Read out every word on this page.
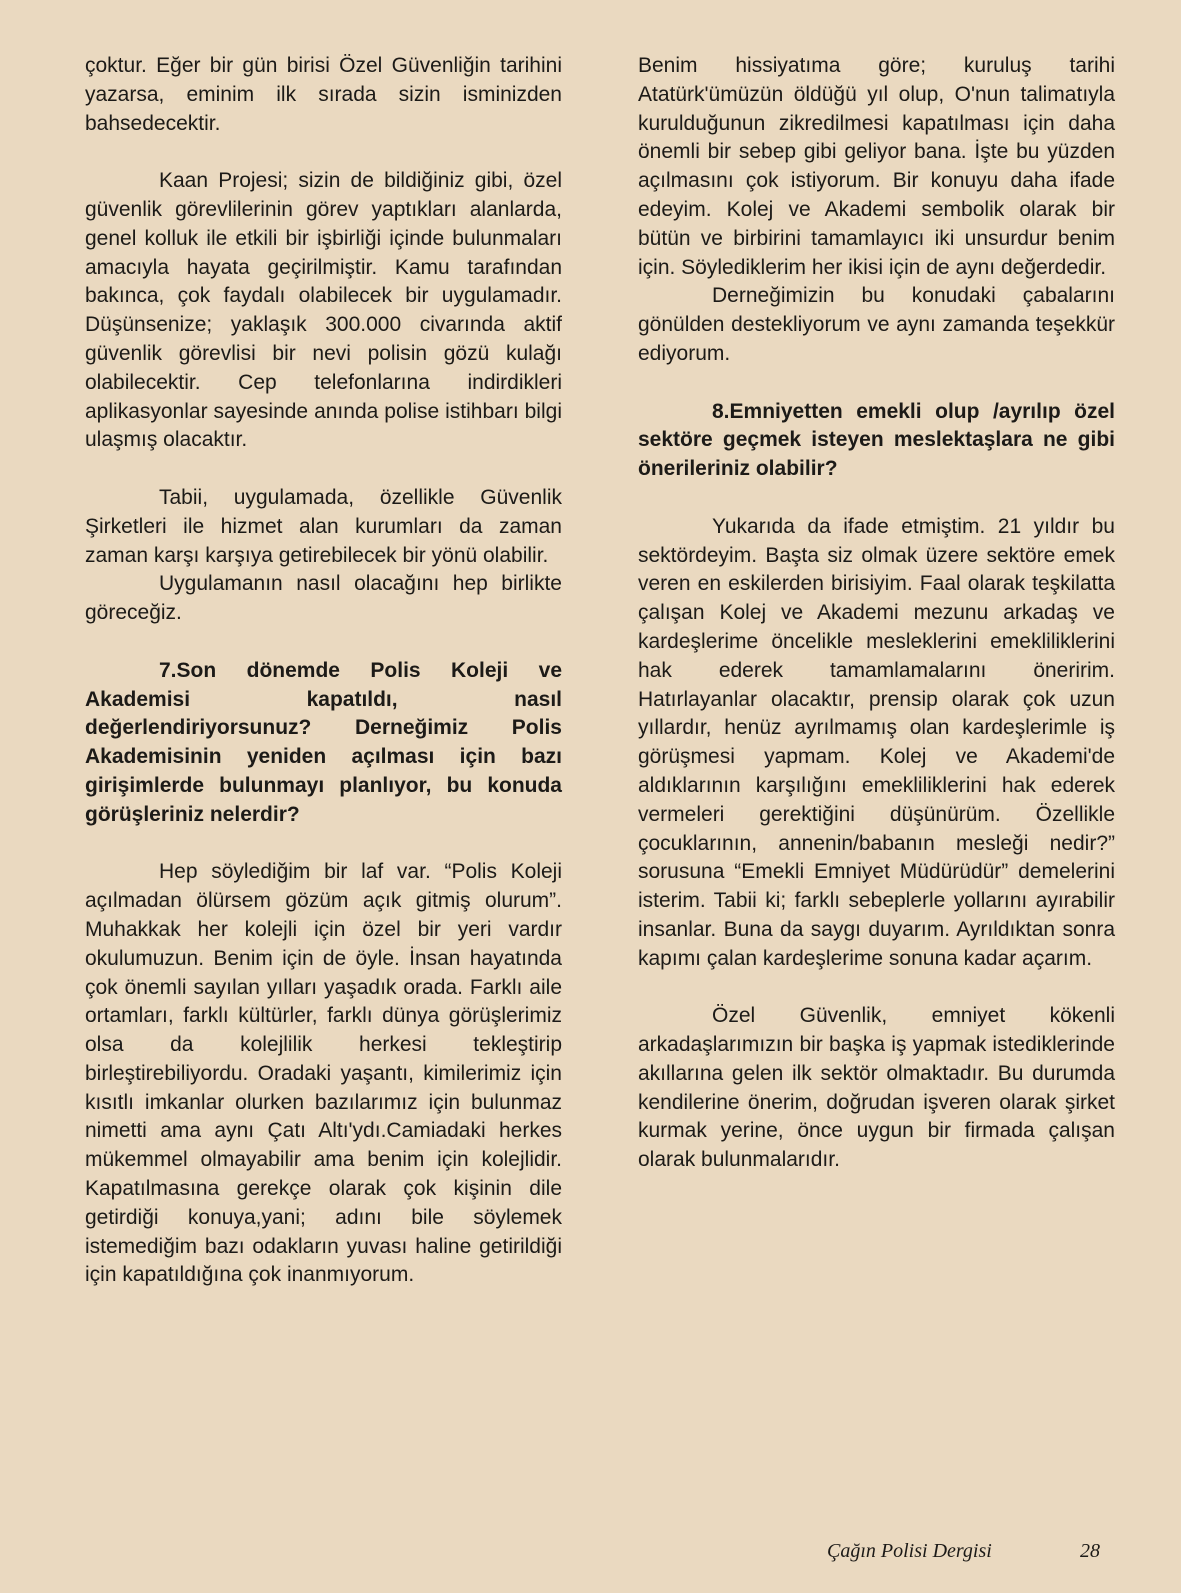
çoktur. Eğer bir gün birisi Özel Güvenliğin tarihini yazarsa, eminim ilk sırada sizin isminizden bahsedecektir.

Kaan Projesi; sizin de bildiğiniz gibi, özel güvenlik görevlilerinin görev yaptıkları alanlarda, genel kolluk ile etkili bir işbirliği içinde bulunmaları amacıyla hayata geçirilmiştir. Kamu tarafından bakınca, çok faydalı olabilecek bir uygulamadır. Düşünsenize; yaklaşık 300.000 civarında aktif güvenlik görevlisi bir nevi polisin gözü kulağı olabilecektir. Cep telefonlarına indirdikleri aplikasyonlar sayesinde anında polise istihbarı bilgi ulaşmış olacaktır.

Tabii, uygulamada, özellikle Güvenlik Şirketleri ile hizmet alan kurumları da zaman zaman karşı karşıya getirebilecek bir yönü olabilir.

Uygulamanın nasıl olacağını hep birlikte göreceğiz.

7.Son dönemde Polis Koleji ve Akademisi kapatıldı, nasıl değerlendiriyorsunuz? Derneğimiz Polis Akademisinin yeniden açılması için bazı girişimlerde bulunmayı planlıyor, bu konuda görüşleriniz nelerdir?

Hep söylediğim bir laf var. “Polis Koleji açılmadan ölürsem gözüm açık gitmiş olurum”. Muhakkak her kolejli için özel bir yeri vardır okulumuzun. Benim için de öyle. İnsan hayatında çok önemli sayılan yılları yaşadık orada. Farklı aile ortamları, farklı kültürler, farklı dünya görüşlerimiz olsa da kolejlilik herkesi tekleştirip birleştirebiliyordu. Oradaki yaşantı, kimilerimiz için kısıtlı imkanlar olurken bazılarımız için bulunmaz nimetti ama aynı Çatı Altı'ydı.Camiadaki herkes mükemmel olmayabilir ama benim için kolejlidir. Kapatılmasına gerekçe olarak çok kişinin dile getirdiği konuya,yani; adını bile söylemek istemediğim bazı odakların yuvası haline getirildiği için kapatıldığına çok inanmıyorum.

Benim hissiyatıma göre; kuruluş tarihi Atatürk'ümüzün öldüğü yıl olup, O'nun talimatıyla kurulduğunun zikredilmesi kapatılması için daha önemli bir sebep gibi geliyor bana. İşte bu yüzden açılmasını çok istiyorum. Bir konuyu daha ifade edeyim. Kolej ve Akademi sembolik olarak bir bütün ve birbirini tamamlayıcı iki unsurdur benim için. Söylediklerim her ikisi için de aynı değerdedir.

Derneğimizin bu konudaki çabalarını gönülden destekliyorum ve aynı zamanda teşekkür ediyorum.

8.Emniyetten emekli olup /ayrılıp özel sektöre geçmek isteyen meslektaşlara ne gibi önerileriniz olabilir?

Yukarıda da ifade etmiştim. 21 yıldır bu sektördeyim. Başta siz olmak üzere sektöre emek veren en eskilerden birisiyim. Faal olarak teşkilatta çalışan Kolej ve Akademi mezunu arkadaş ve kardeşlerime öncelikle mesleklerini emekliliklerini hak ederek tamamlamalarını öneririm. Hatırlayanlar olacaktır, prensip olarak çok uzun yıllardır, henüz ayrılmamış olan kardeşlerimle iş görüşmesi yapmam. Kolej ve Akademi'de aldıklarının karşılığını emekliliklerini hak ederek vermeleri gerektiğini düşünürüm. Özellikle çocuklarının, annenin/babanın mesleği nedir?” sorusuna “Emekli Emniyet Müdürüdür” demelerini isterim. Tabii ki; farklı sebeplerle yollarını ayırabilir insanlar. Buna da saygı duyarım. Ayrıldıktan sonra kapımı çalan kardeşlerime sonuna kadar açarım.

Özel Güvenlik, emniyet kökenli arkadaşlarımızın bir başka iş yapmak istediklerinde akıllarına gelen ilk sektör olmaktadır. Bu durumda kendilerine önerim, doğrudan işveren olarak şirket kurmak yerine, önce uygun bir firmada çalışan olarak bulunmalarıdır.

Çağın Polisi Dergisi	28
